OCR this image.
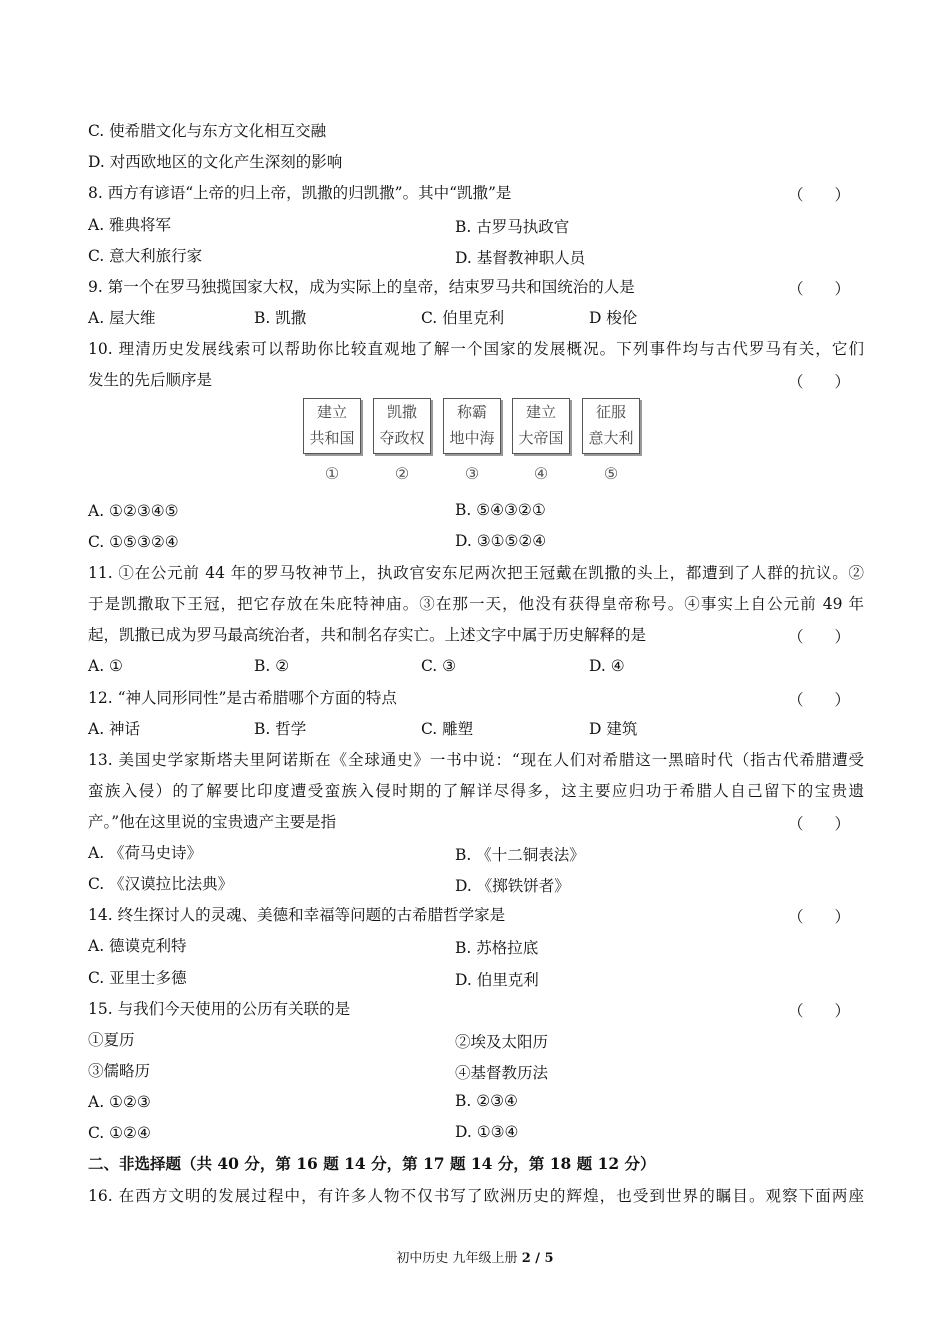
C. 使希腊文化与东方文化相互交融
D. 对西欧地区的文化产生深刻的影响
8. 西方有谚语“上帝的归上帝，凯撒的归凯撒”。其中“凯撒”是	（　　）
A. 雅典将军	B. 古罗马执政官
C. 意大利旅行家	D. 基督教神职人员
9. 第一个在罗马独揽国家大权，成为实际上的皇帝，结束罗马共和国统治的人是	（　　）
A. 屋大维	B. 凯撒	C. 伯里克利	D 梭伦
10. 理清历史发展线索可以帮助你比较直观地了解一个国家的发展概况。下列事件均与古代罗马有关，它们
发生的先后顺序是	（　　）
建立
共和国
凯撒
夺政权
称霸
地中海
建立
大帝国
征服
意大利
①	②	③	④	⑤
A. ①②③④⑤	B. ⑤④③②①
C. ①⑤③②④	D. ③①⑤②④
11. ①在公元前 44 年的罗马牧神节上，执政官安东尼两次把王冠戴在凯撒的头上，都遭到了人群的抗议。②
于是凯撒取下王冠，把它存放在朱庇特神庙。③在那一天，他没有获得皇帝称号。④事实上自公元前 49 年
起，凯撒已成为罗马最高统治者，共和制名存实亡。上述文字中属于历史解释的是	（　　）
A. ①	B. ②	C. ③	D. ④
12. “神人同形同性”是古希腊哪个方面的特点	（　　）
A. 神话	B. 哲学	C. 雕塑	D 建筑
13. 美国史学家斯塔夫里阿诺斯在《全球通史》一书中说：“现在人们对希腊这一黑暗时代（指古代希腊遭受
蛮族入侵）的了解要比印度遭受蛮族入侵时期的了解详尽得多，这主要应归功于希腊人自己留下的宝贵遗
产。”他在这里说的宝贵遗产主要是指	（　　）
A. 《荷马史诗》	B. 《十二铜表法》
C. 《汉谟拉比法典》	D. 《掷铁饼者》
14. 终生探讨人的灵魂、美德和幸福等问题的古希腊哲学家是	（　　）
A. 德谟克利特	B. 苏格拉底
C. 亚里士多德	D. 伯里克利
15. 与我们今天使用的公历有关联的是	（　　）
①夏历	②埃及太阳历
③儒略历	④基督教历法
A. ①②③	B. ②③④
C. ①②④	D. ①③④
二、非选择题（共 40 分，第 16 题 14 分，第 17 题 14 分，第 18 题 12 分）
16. 在西方文明的发展过程中，有许多人物不仅书写了欧洲历史的辉煌，也受到世界的瞩目。观察下面两座
初中历史 九年级上册 2 / 5
